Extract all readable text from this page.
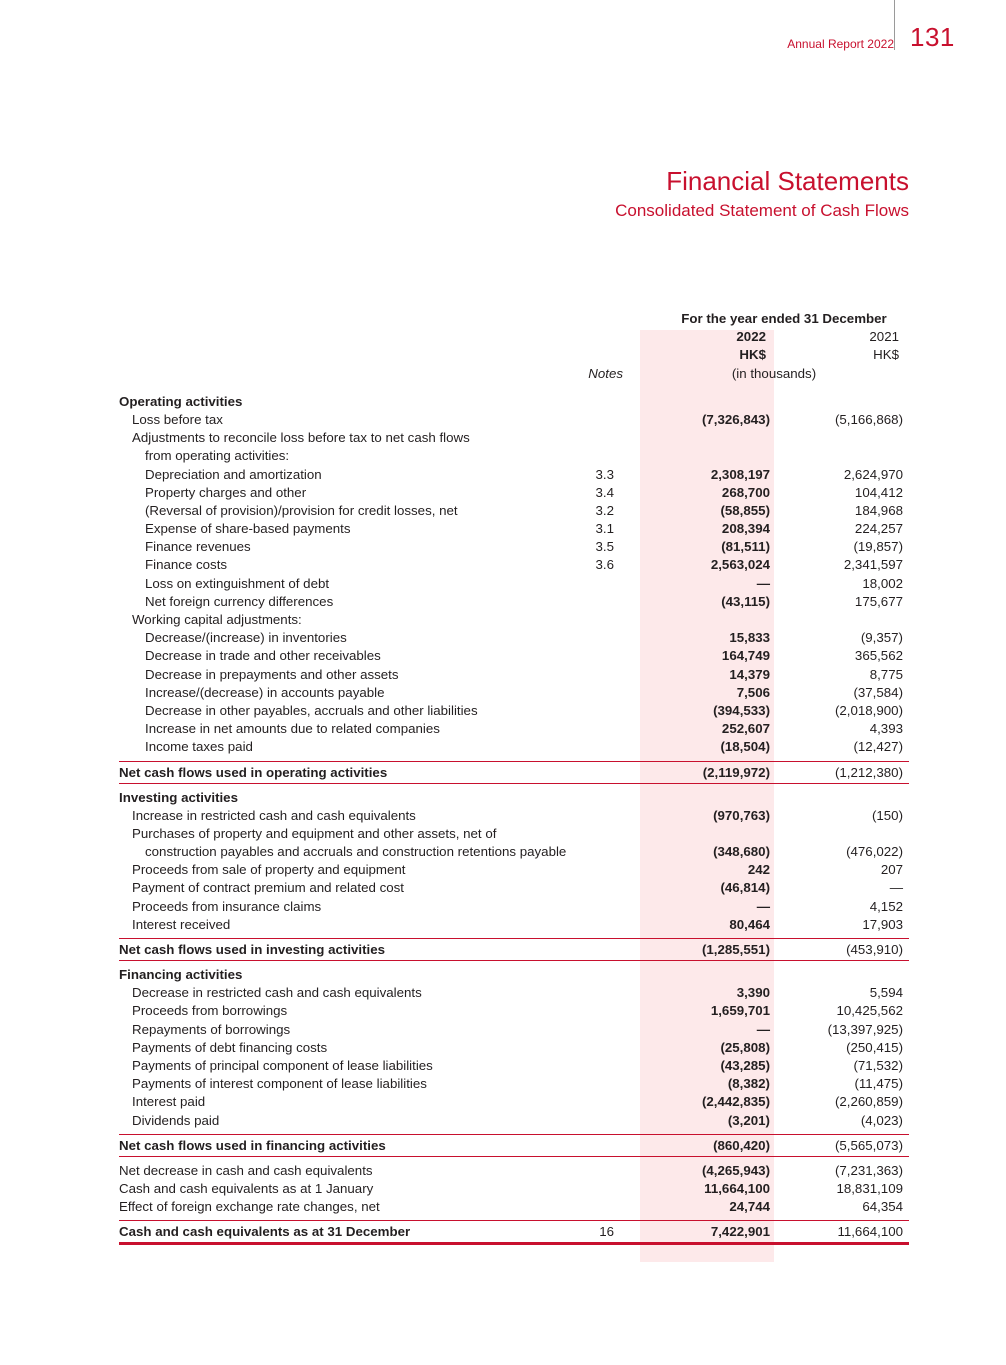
Annual Report 2022 131
Financial Statements
Consolidated Statement of Cash Flows
For the year ended 31 December
2022	2021
HK$	HK$
Notes	(in thousands)
Operating activities
Loss before tax	(7,326,843)	(5,166,868)
Adjustments to reconcile loss before tax to net cash flows
from operating activities:
Depreciation and amortization	3.3	2,308,197	2,624,970
Property charges and other	3.4	268,700	104,412
(Reversal of provision)/provision for credit losses, net	3.2	(58,855)	184,968
Expense of share-based payments	3.1	208,394	224,257
Finance revenues	3.5	(81,511)	(19,857)
Finance costs	3.6	2,563,024	2,341,597
Loss on extinguishment of debt	—	18,002
Net foreign currency differences	(43,115)	175,677
Working capital adjustments:
Decrease/(increase) in inventories	15,833	(9,357)
Decrease in trade and other receivables	164,749	365,562
Decrease in prepayments and other assets	14,379	8,775
Increase/(decrease) in accounts payable	7,506	(37,584)
Decrease in other payables, accruals and other liabilities	(394,533)	(2,018,900)
Increase in net amounts due to related companies	252,607	4,393
Income taxes paid	(18,504)	(12,427)
Net cash flows used in operating activities	(2,119,972)	(1,212,380)
Investing activities
Increase in restricted cash and cash equivalents	(970,763)	(150)
Purchases of property and equipment and other assets, net of
construction payables and accruals and construction retentions payable	(348,680)	(476,022)
Proceeds from sale of property and equipment	242	207
Payment of contract premium and related cost	(46,814)	—
Proceeds from insurance claims	—	4,152
Interest received	80,464	17,903
Net cash flows used in investing activities	(1,285,551)	(453,910)
Financing activities
Decrease in restricted cash and cash equivalents	3,390	5,594
Proceeds from borrowings	1,659,701	10,425,562
Repayments of borrowings	—	(13,397,925)
Payments of debt financing costs	(25,808)	(250,415)
Payments of principal component of lease liabilities	(43,285)	(71,532)
Payments of interest component of lease liabilities	(8,382)	(11,475)
Interest paid	(2,442,835)	(2,260,859)
Dividends paid	(3,201)	(4,023)
Net cash flows used in financing activities	(860,420)	(5,565,073)
Net decrease in cash and cash equivalents	(4,265,943)	(7,231,363)
Cash and cash equivalents as at 1 January	11,664,100	18,831,109
Effect of foreign exchange rate changes, net	24,744	64,354
Cash and cash equivalents as at 31 December	16	7,422,901	11,664,100
